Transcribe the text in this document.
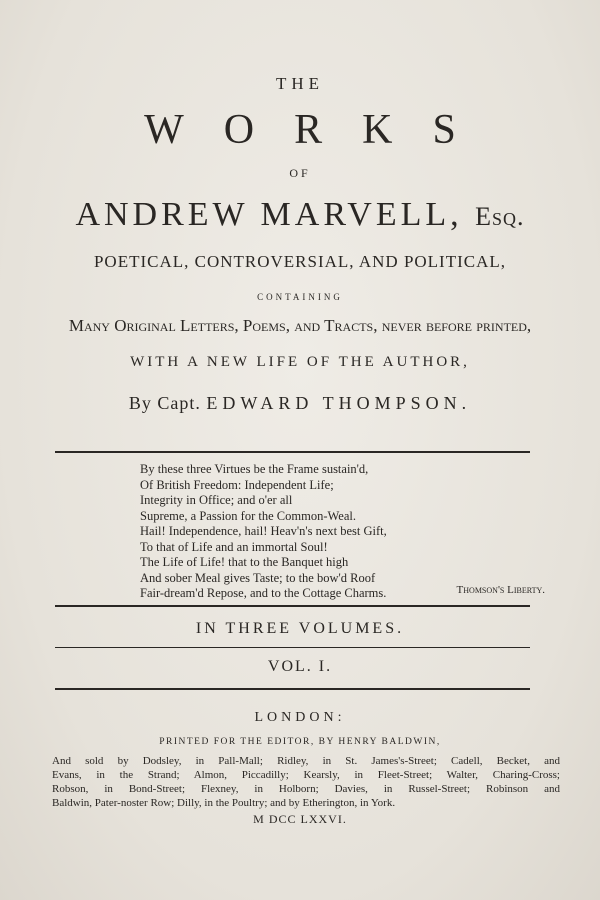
THE
WORKS
OF
ANDREW MARVELL, Esq.
POETICAL, CONTROVERSIAL, AND POLITICAL,
CONTAINING
Many Original Letters, Poems, and Tracts, never before printed,
WITH A NEW LIFE OF THE AUTHOR,
By Capt. EDWARD THOMPSON.
By these three Virtues be the Frame sustain'd,
Of British Freedom: Independent Life;
Integrity in Office; and o'er all
Supreme, a Passion for the Common-Weal.
Hail! Independence, hail! Heav'n's next best Gift,
To that of Life and an immortal Soul!
The Life of Life! that to the Banquet high
And sober Meal gives Taste; to the bow'd Roof
Fair-dream'd Repose, and to the Cottage Charms.	Thomson's Liberty.
IN THREE VOLUMES.
VOL. I.
LONDON:
PRINTED FOR THE EDITOR, BY HENRY BALDWIN,
And sold by Dodsley, in Pall-Mall; Ridley, in St. James's-Street; Cadell, Becket, and
Evans, in the Strand; Almon, Piccadilly; Kearsly, in Fleet-Street; Walter, Charing-Cross;
Robson, in Bond-Street; Flexney, in Holborn; Davies, in Russel-Street; Robinson and
Baldwin, Pater-noster Row; Dilly, in the Poultry; and by Etherington, in York.
M DCC LXXVI.
